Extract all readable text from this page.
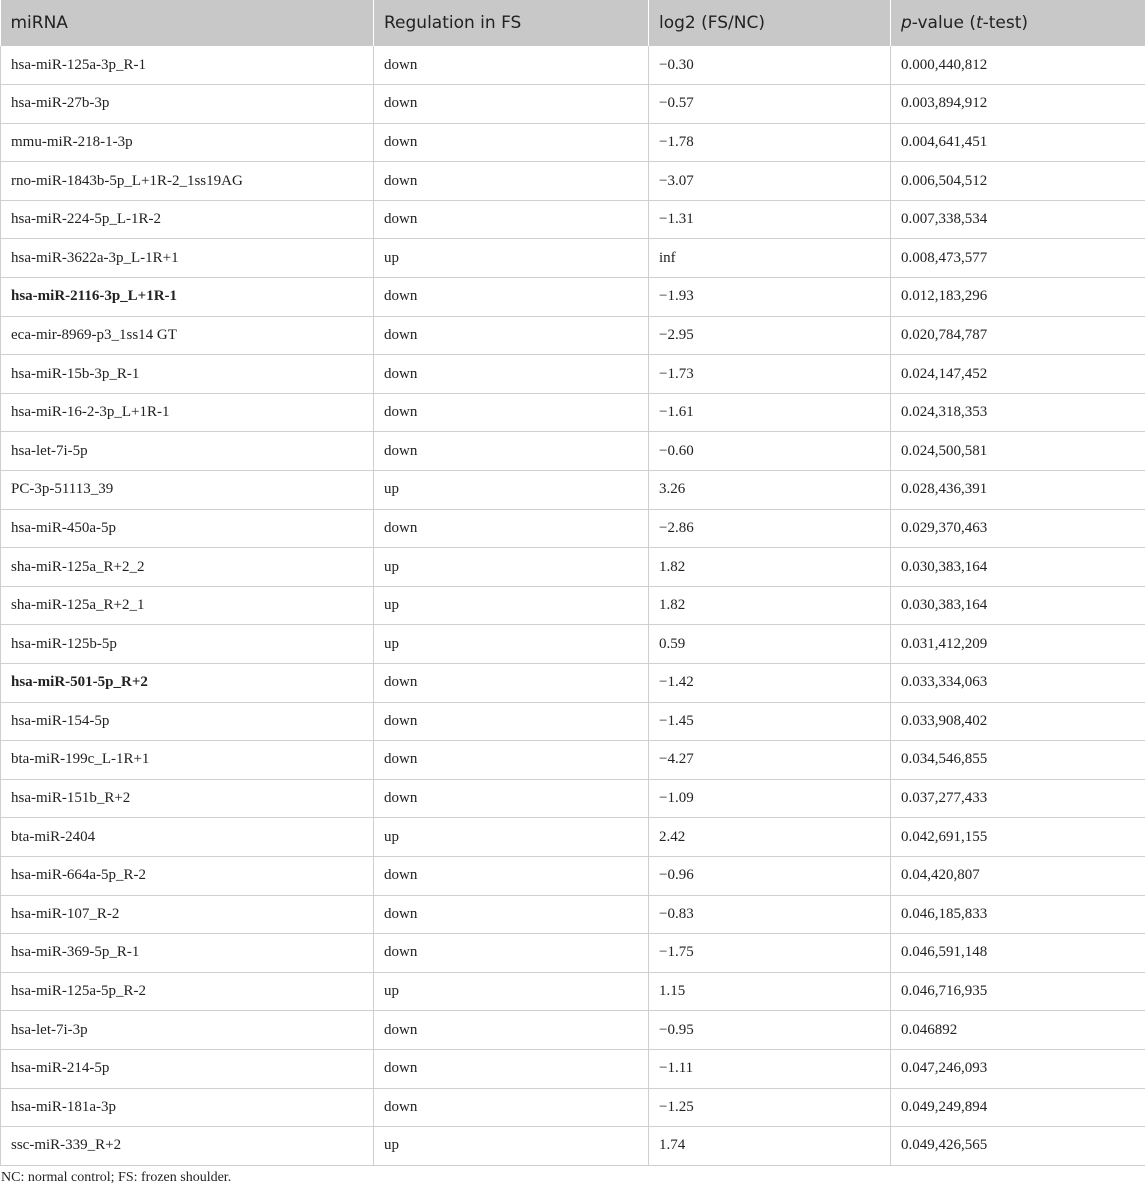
miRNA	Regulation in FS	log2 (FS/NC)	p-value (t-test)
hsa-miR-125a-3p_R-1	down	−0.30	0.000,440,812
hsa-miR-27b-3p	down	−0.57	0.003,894,912
mmu-miR-218-1-3p	down	−1.78	0.004,641,451
rno-miR-1843b-5p_L+1R-2_1ss19AG	down	−3.07	0.006,504,512
hsa-miR-224-5p_L-1R-2	down	−1.31	0.007,338,534
hsa-miR-3622a-3p_L-1R+1	up	inf	0.008,473,577
hsa-miR-2116-3p_L+1R-1	down	−1.93	0.012,183,296
eca-mir-8969-p3_1ss14 GT	down	−2.95	0.020,784,787
hsa-miR-15b-3p_R-1	down	−1.73	0.024,147,452
hsa-miR-16-2-3p_L+1R-1	down	−1.61	0.024,318,353
hsa-let-7i-5p	down	−0.60	0.024,500,581
PC-3p-51113_39	up	3.26	0.028,436,391
hsa-miR-450a-5p	down	−2.86	0.029,370,463
sha-miR-125a_R+2_2	up	1.82	0.030,383,164
sha-miR-125a_R+2_1	up	1.82	0.030,383,164
hsa-miR-125b-5p	up	0.59	0.031,412,209
hsa-miR-501-5p_R+2	down	−1.42	0.033,334,063
hsa-miR-154-5p	down	−1.45	0.033,908,402
bta-miR-199c_L-1R+1	down	−4.27	0.034,546,855
hsa-miR-151b_R+2	down	−1.09	0.037,277,433
bta-miR-2404	up	2.42	0.042,691,155
hsa-miR-664a-5p_R-2	down	−0.96	0.04,420,807
hsa-miR-107_R-2	down	−0.83	0.046,185,833
hsa-miR-369-5p_R-1	down	−1.75	0.046,591,148
hsa-miR-125a-5p_R-2	up	1.15	0.046,716,935
hsa-let-7i-3p	down	−0.95	0.046892
hsa-miR-214-5p	down	−1.11	0.047,246,093
hsa-miR-181a-3p	down	−1.25	0.049,249,894
ssc-miR-339_R+2	up	1.74	0.049,426,565
NC: normal control; FS: frozen shoulder.
